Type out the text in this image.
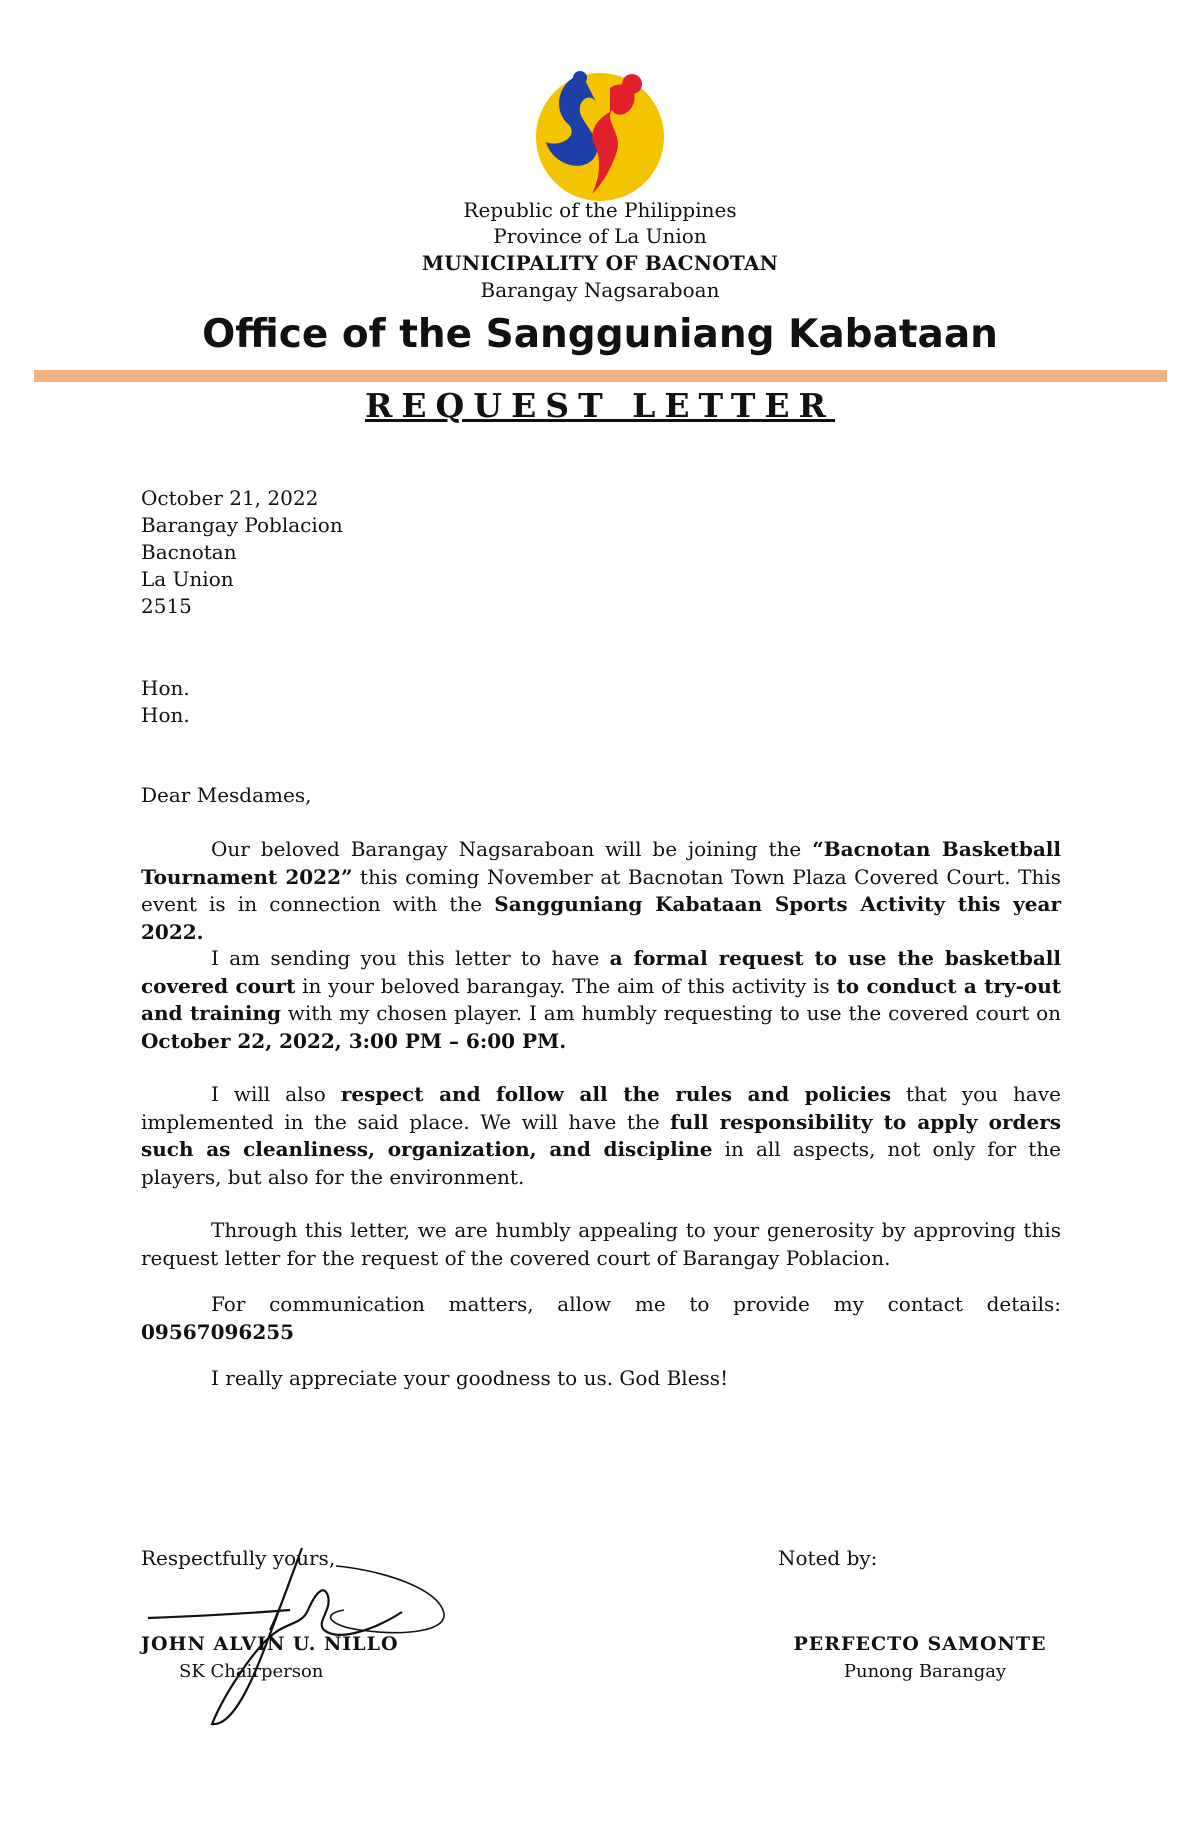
Republic of the Philippines
Province of La Union
MUNICIPALITY OF BACNOTAN
Barangay Nagsaraboan
Office of the Sangguniang Kabataan
REQUEST LETTER
October 21, 2022
Barangay Poblacion
Bacnotan
La Union
2515
Hon.
Hon.
Dear Mesdames,

Our beloved Barangay Nagsaraboan will be joining the “Bacnotan Basketball Tournament 2022” this coming November at Bacnotan Town Plaza Covered Court. This event is in connection with the Sangguniang Kabataan Sports Activity this year 2022.

I am sending you this letter to have a formal request to use the basketball covered court in your beloved barangay. The aim of this activity is to conduct a try-out and training with my chosen player. I am humbly requesting to use the covered court on October 22, 2022, 3:00 PM – 6:00 PM.

I will also respect and follow all the rules and policies that you have implemented in the said place. We will have the full responsibility to apply orders such as cleanliness, organization, and discipline in all aspects, not only for the players, but also for the environment.

Through this letter, we are humbly appealing to your generosity by approving this request letter for the request of the covered court of Barangay Poblacion.

For communication matters, allow me to provide my contact details: 09567096255

I really appreciate your goodness to us. God Bless!

Respectfully yours,	Noted by:
JOHN ALVIN U. NILLO
SK Chairperson
PERFECTO SAMONTE
Punong Barangay
